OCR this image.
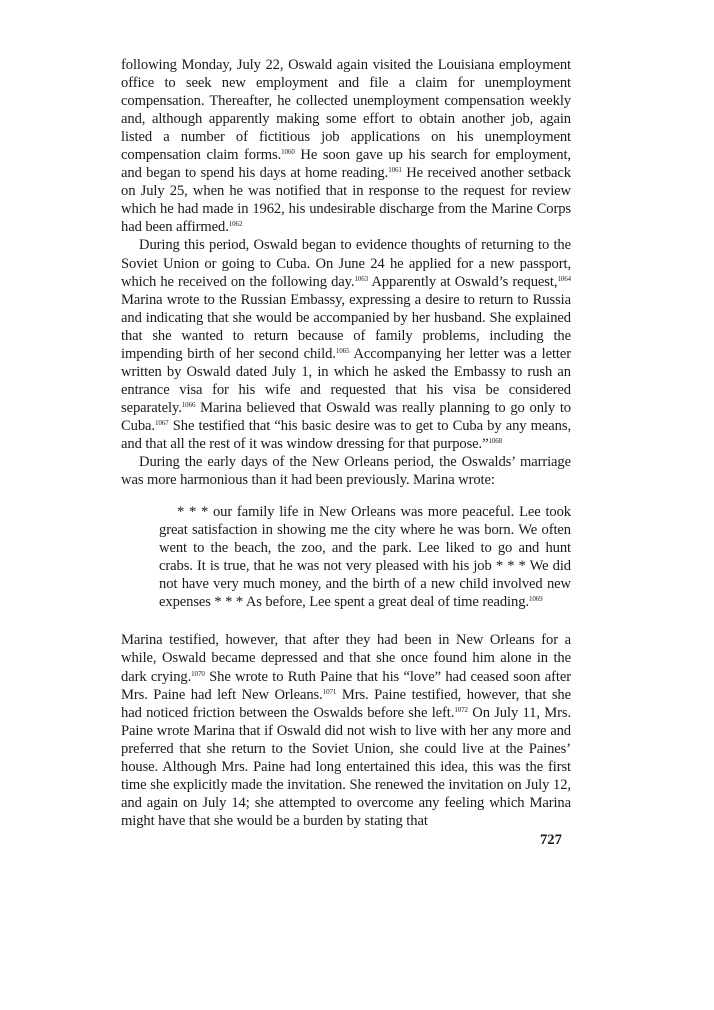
following Monday, July 22, Oswald again visited the Louisiana employment office to seek new employment and file a claim for unemployment compensation. Thereafter, he collected unemployment compensation weekly and, although apparently making some effort to obtain another job, again listed a number of fictitious job applications on his unemployment compensation claim forms.$^{1060}$ He soon gave up his search for employment, and began to spend his days at home reading.$^{1061}$ He received another setback on July 25, when he was notified that in response to the request for review which he had made in 1962, his undesirable discharge from the Marine Corps had been affirmed.$^{1062}$

During this period, Oswald began to evidence thoughts of returning to the Soviet Union or going to Cuba. On June 24 he applied for a new passport, which he received on the following day.$^{1063}$ Apparently at Oswald’s request,$^{1064}$ Marina wrote to the Russian Embassy, expressing a desire to return to Russia and indicating that she would be accompanied by her husband. She explained that she wanted to return because of family problems, including the impending birth of her second child.$^{1065}$ Accompanying her letter was a letter written by Oswald dated July 1, in which he asked the Embassy to rush an entrance visa for his wife and requested that his visa be considered separately.$^{1066}$ Marina believed that Oswald was really planning to go only to Cuba.$^{1067}$ She testified that “his basic desire was to get to Cuba by any means, and that all the rest of it was window dressing for that purpose.”$^{1068}$

During the early days of the New Orleans period, the Oswalds’ marriage was more harmonious than it had been previously. Marina wrote:

* * * our family life in New Orleans was more peaceful. Lee took great satisfaction in showing me the city where he was born. We often went to the beach, the zoo, and the park. Lee liked to go and hunt crabs. It is true, that he was not very pleased with his job * * * We did not have very much money, and the birth of a new child involved new expenses * * * As before, Lee spent a great deal of time reading.$^{1069}$

Marina testified, however, that after they had been in New Orleans for a while, Oswald became depressed and that she once found him alone in the dark crying.$^{1070}$ She wrote to Ruth Paine that his “love” had ceased soon after Mrs. Paine had left New Orleans.$^{1071}$ Mrs. Paine testified, however, that she had noticed friction between the Oswalds before she left.$^{1072}$ On July 11, Mrs. Paine wrote Marina that if Oswald did not wish to live with her any more and preferred that she return to the Soviet Union, she could live at the Paines’ house. Although Mrs. Paine had long entertained this idea, this was the first time she explicitly made the invitation. She renewed the invitation on July 12, and again on July 14; she attempted to overcome any feeling which Marina might have that she would be a burden by stating that

727
